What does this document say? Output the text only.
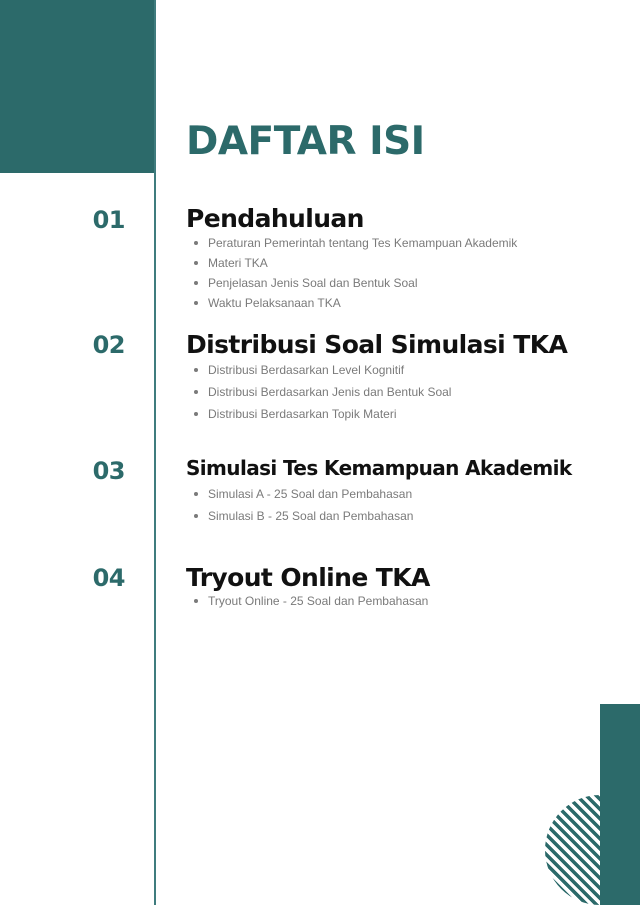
DAFTAR ISI
01 Pendahuluan
Peraturan Pemerintah tentang Tes Kemampuan Akademik
Materi TKA
Penjelasan Jenis Soal dan Bentuk Soal
Waktu Pelaksanaan TKA
02 Distribusi Soal Simulasi TKA
Distribusi Berdasarkan Level Kognitif
Distribusi Berdasarkan Jenis dan Bentuk Soal
Distribusi Berdasarkan Topik Materi
03	Simulasi Tes Kemampuan Akademik
Simulasi A - 25 Soal dan Pembahasan
Simulasi B - 25 Soal dan Pembahasan
04 Tryout Online TKA
Tryout Online - 25 Soal dan Pembahasan
